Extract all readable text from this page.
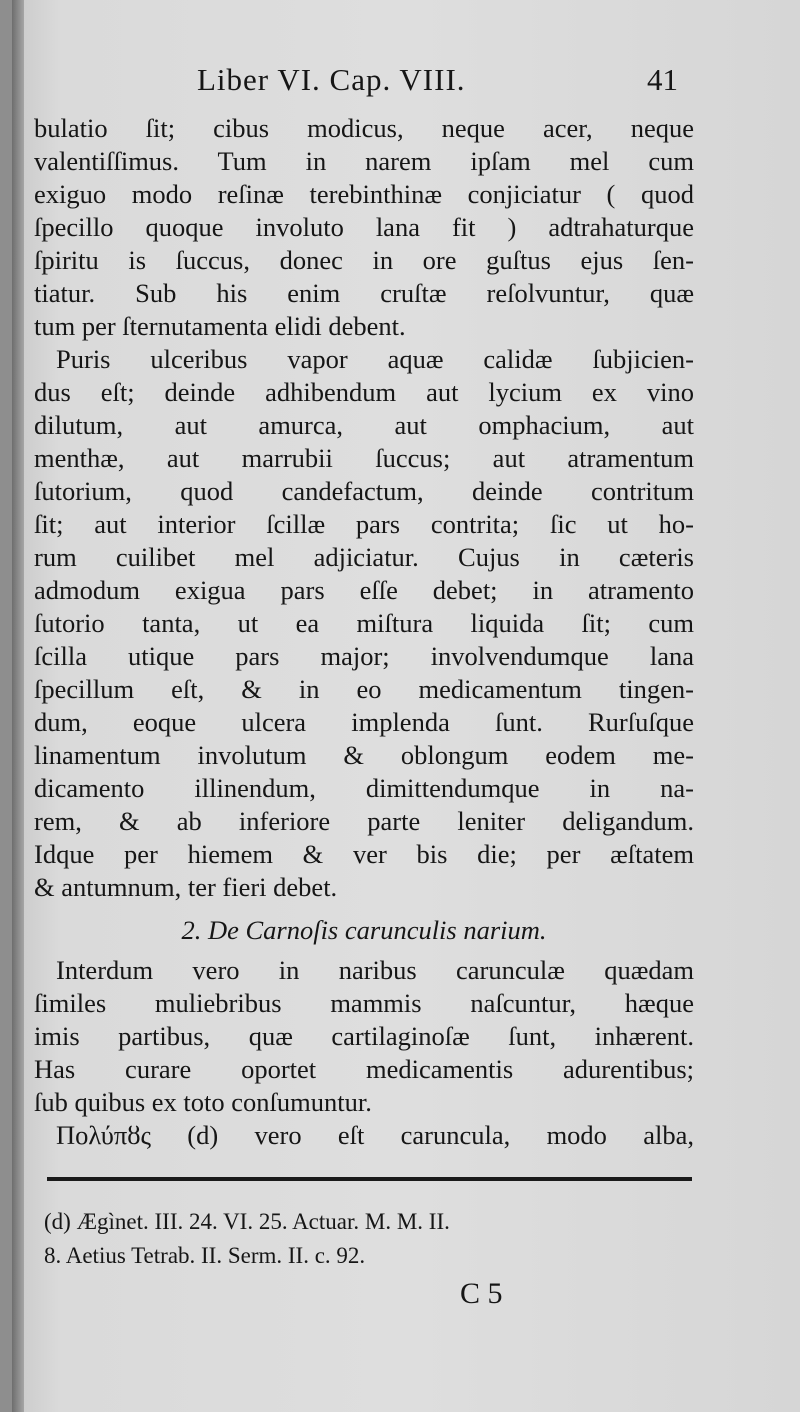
Liber VI. Cap. VIII.	41
bulatio ſit; cibus modicus, neque acer, neque
valentiſſimus. Tum in narem ipſam mel cum
exiguo modo reſinæ terebinthinæ conjiciatur ( quod
ſpecillo quoque involuto lana fit ) adtrahaturque
ſpiritu is ſuccus, donec in ore guſtus ejus ſen-
tiatur. Sub his enim cruſtæ reſolvuntur, quæ
tum per ſternutamenta elidi debent.
Puris ulceribus vapor aquæ calidæ ſubjicien-
dus eſt; deinde adhibendum aut lycium ex vino
dilutum, aut amurca, aut omphacium, aut
menthæ, aut marrubii ſuccus; aut atramentum
ſutorium, quod candefactum, deinde contritum
ſit; aut interior ſcillæ pars contrita; ſic ut ho-
rum cuilibet mel adjiciatur. Cujus in cæteris
admodum exigua pars eſſe debet; in atramento
ſutorio tanta, ut ea miſtura liquida ſit; cum
ſcilla utique pars major; involvendumque lana
ſpecillum eſt, & in eo medicamentum tingen-
dum, eoque ulcera implenda ſunt. Rurſuſque
linamentum involutum & oblongum eodem me-
dicamento illinendum, dimittendumque in na-
rem, & ab inferiore parte leniter deligandum.
Idque per hiemem & ver bis die; per æſtatem
& antumnum, ter fieri debet.
2. De Carnoſis carunculis narium.
Interdum vero in naribus carunculæ quædam
ſimiles muliebribus mammis naſcuntur, hæque
imis partibus, quæ cartilaginoſæ ſunt, inhærent.
Has curare oportet medicamentis adurentibus;
ſub quibus ex toto conſumuntur.
Πολύπȣς (d) vero eſt caruncula, modo alba,
(d) Ægìnet. III. 24. VI. 25. Actuar. M. M. II.
8. Aetius Tetrab. II. Serm. II. c. 92.
C 5
